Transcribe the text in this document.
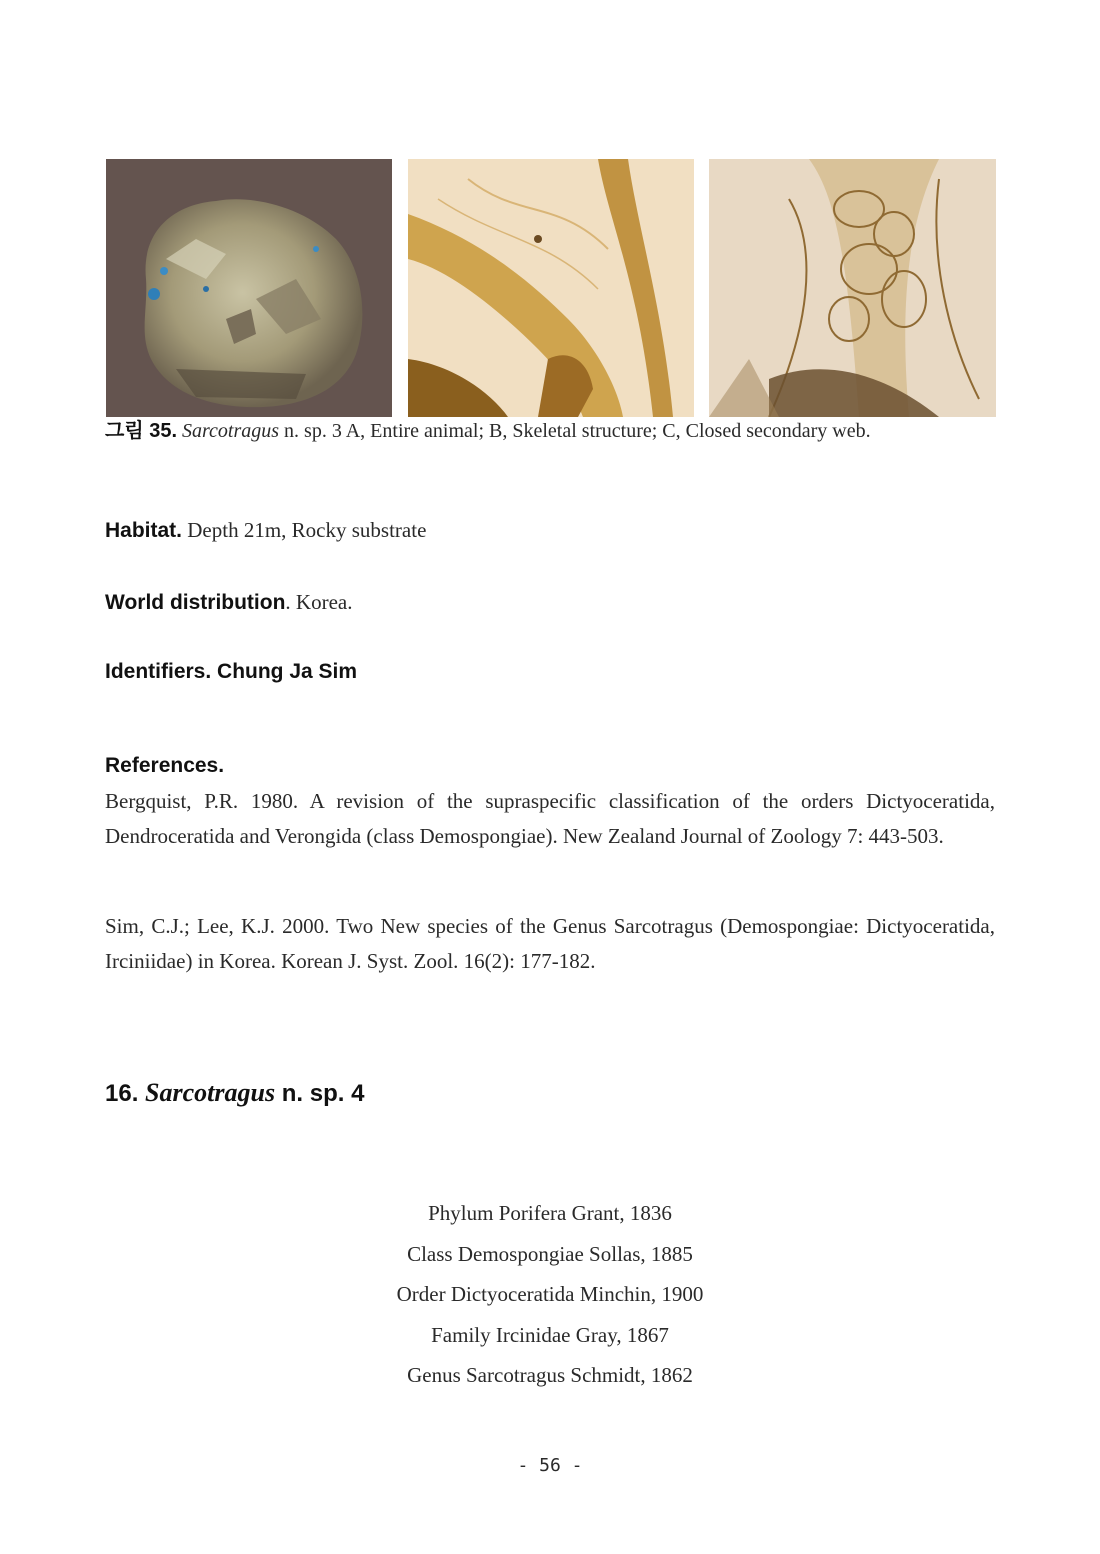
그림 35. Sarcotragus n. sp. 3 A, Entire animal; B, Skeletal structure; C, Closed secondary web.
Habitat. Depth 21m, Rocky substrate
World distribution. Korea.
Identifiers. Chung Ja Sim
References.
Bergquist, P.R. 1980. A revision of the supraspecific classification of the orders Dictyoceratida, Dendroceratida and Verongida (class Demospongiae). New Zealand Journal of Zoology 7: 443-503.
Sim, C.J.; Lee, K.J. 2000. Two New species of the Genus Sarcotragus (Demospongiae: Dictyoceratida, Irciniidae) in Korea. Korean J. Syst. Zool. 16(2): 177-182.
16. Sarcotragus n. sp. 4
Phylum Porifera Grant, 1836
Class Demospongiae Sollas, 1885
Order Dictyoceratida Minchin, 1900
Family Ircinidae Gray, 1867
Genus Sarcotragus Schmidt, 1862
- 56 -
